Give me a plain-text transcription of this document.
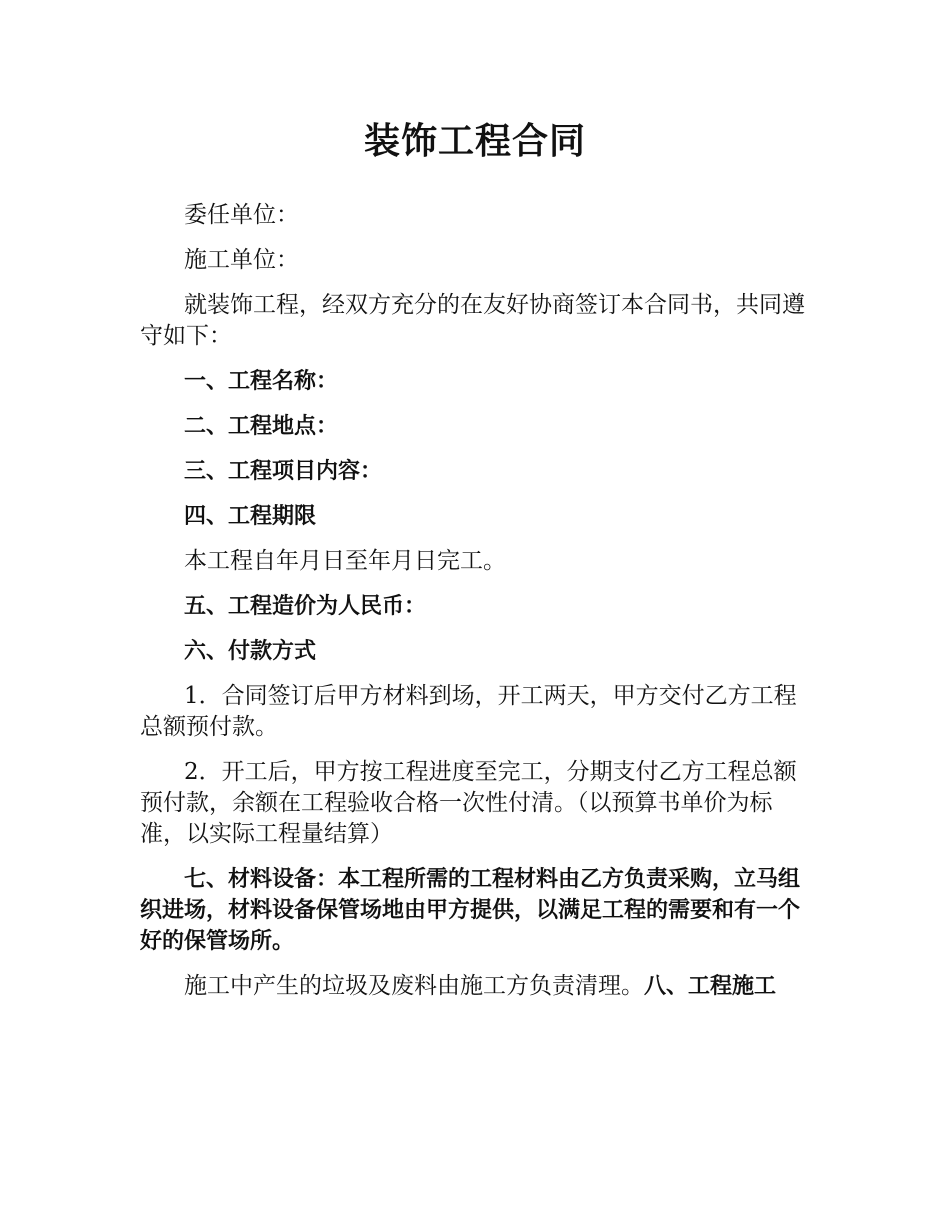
装饰工程合同

委任单位：

施工单位：

就装饰工程，经双方充分的在友好协商签订本合同书，共同遵守如下：

一、工程名称：

二、工程地点：

三、工程项目内容：

四、工程期限

本工程自年月日至年月日完工。

五、工程造价为人民币：

六、付款方式

1．合同签订后甲方材料到场，开工两天，甲方交付乙方工程总额预付款。

2．开工后，甲方按工程进度至完工，分期支付乙方工程总额预付款，余额在工程验收合格一次性付清。（以预算书单价为标准，以实际工程量结算）

七、材料设备：本工程所需的工程材料由乙方负责采购，立马组织进场，材料设备保管场地由甲方提供，以满足工程的需要和有一个好的保管场所。

施工中产生的垃圾及废料由施工方负责清理。八、工程施工
